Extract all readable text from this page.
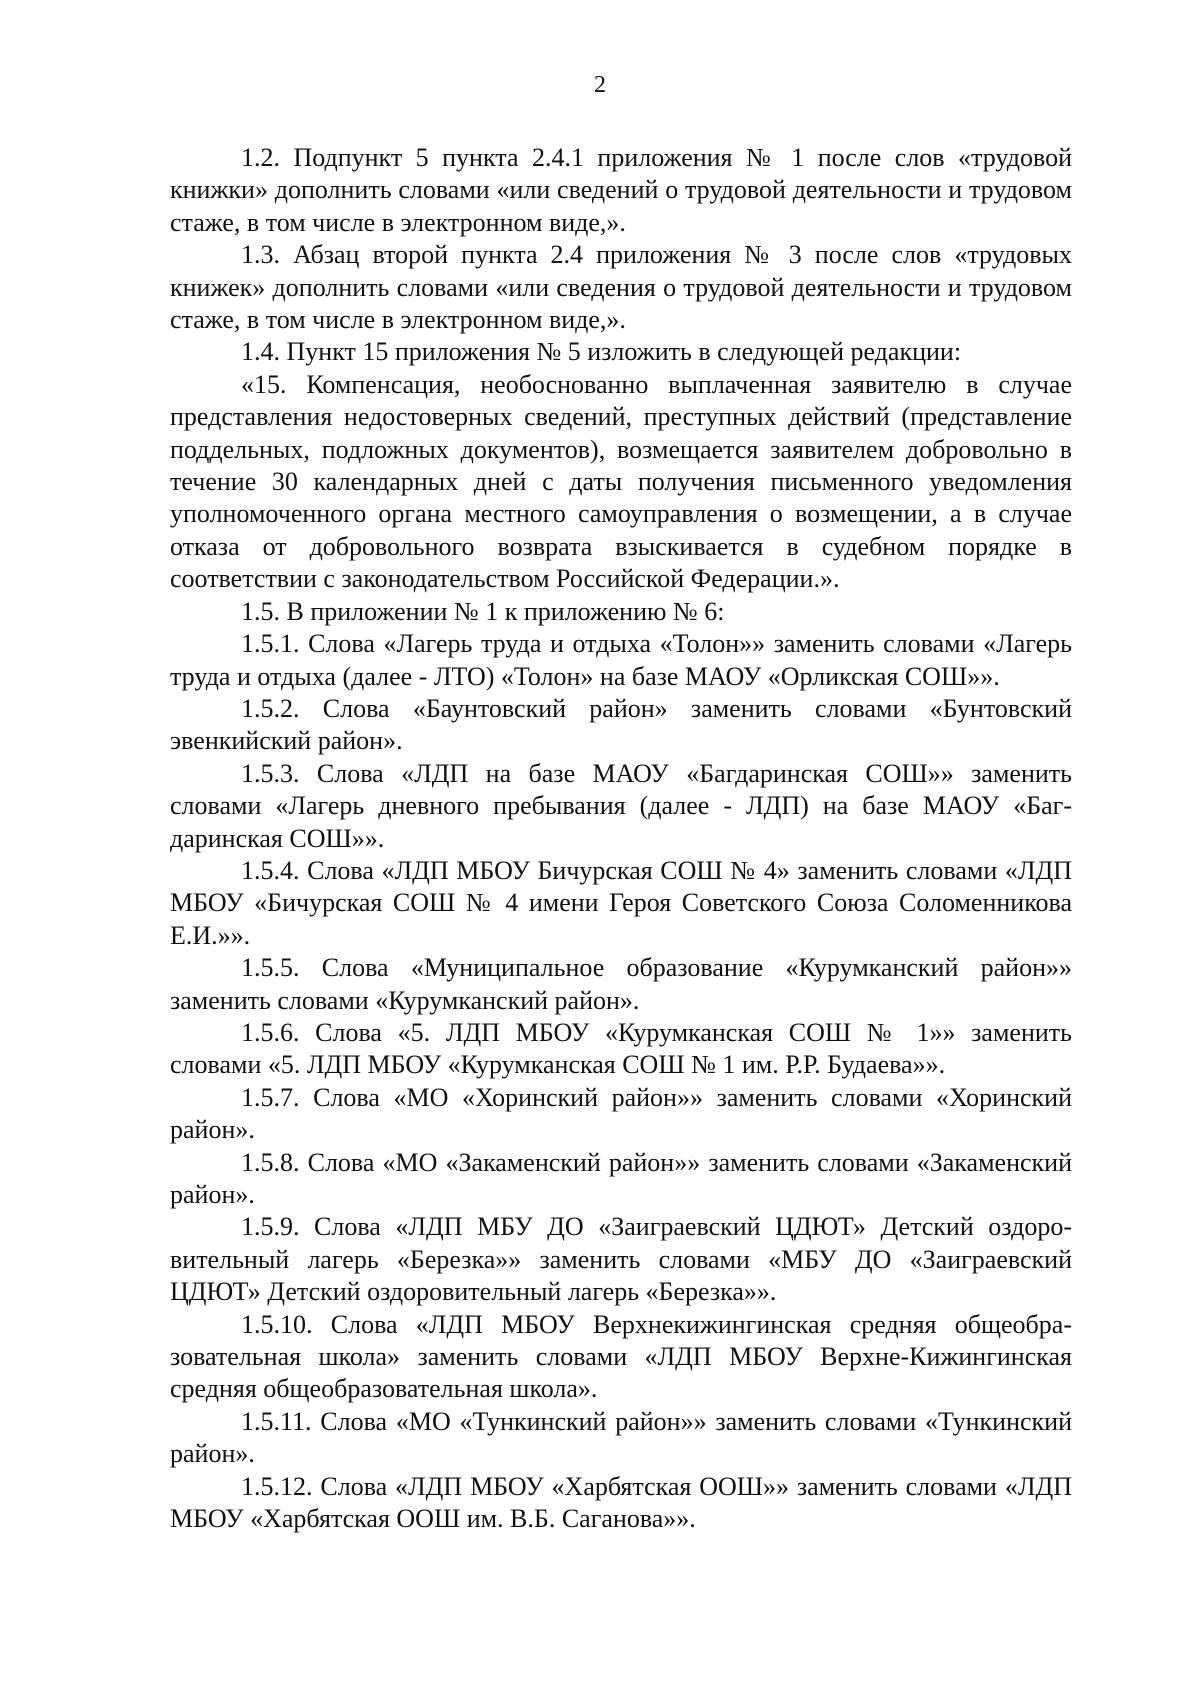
2

1.2. Подпункт 5 пункта 2.4.1 приложения № 1 после слов «трудовой книжки» дополнить словами «или сведений о трудовой деятельности и трудовом стаже, в том числе в электронном виде,».

1.3. Абзац второй пункта 2.4 приложения № 3 после слов «трудовых книжек» дополнить словами «или сведения о трудовой деятельности и трудовом стаже, в том числе в электронном виде,».

1.4. Пункт 15 приложения № 5 изложить в следующей редакции:

«15. Компенсация, необоснованно выплаченная заявителю в случае представления недостоверных сведений, преступных действий (представление поддельных, подложных документов), возмещается заявителем добровольно в течение 30 календарных дней с даты получения письменного уведомления уполномоченного органа местного самоуправления о возмещении, а в случае отказа от добровольного возврата взыскивается в судебном порядке в соответствии с законодательством Российской Федерации.».

1.5. В приложении № 1 к приложению № 6:

1.5.1. Слова «Лагерь труда и отдыха «Толон»» заменить словами «Лагерь труда и отдыха (далее - ЛТО) «Толон» на базе МАОУ «Орликская СОШ»».

1.5.2. Слова «Баунтовский район» заменить словами «Бунтовский эвенкийский район».

1.5.3. Слова «ЛДП на базе МАОУ «Багдаринская СОШ»» заменить словами «Лагерь дневного пребывания (далее - ЛДП) на базе МАОУ «Багдаринская СОШ»».

1.5.4. Слова «ЛДП МБОУ Бичурская СОШ № 4» заменить словами «ЛДП МБОУ «Бичурская СОШ № 4 имени Героя Советского Союза Соломенникова Е.И.»».

1.5.5. Слова «Муниципальное образование «Курумканский район»» заменить словами «Курумканский район».

1.5.6. Слова «5. ЛДП МБОУ «Курумканская СОШ № 1»» заменить словами «5. ЛДП МБОУ «Курумканская СОШ № 1 им. Р.Р. Будаева»».

1.5.7. Слова «МО «Хоринский район»» заменить словами «Хоринский район».

1.5.8. Слова «МО «Закаменский район»» заменить словами «Закаменский район».

1.5.9. Слова «ЛДП МБУ ДО «Заиграевский ЦДЮТ» Детский оздоровительный лагерь «Березка»» заменить словами «МБУ ДО «Заиграевский ЦДЮТ» Детский оздоровительный лагерь «Березка»».

1.5.10. Слова «ЛДП МБОУ Верхнекижингинская средняя общеобразовательная школа» заменить словами «ЛДП МБОУ Верхне-Кижингинская средняя общеобразовательная школа».

1.5.11. Слова «МО «Тункинский район»» заменить словами «Тункинский район».

1.5.12. Слова «ЛДП МБОУ «Харбятская ООШ»» заменить словами «ЛДП МБОУ «Харбятская ООШ им. В.Б. Саганова»».
